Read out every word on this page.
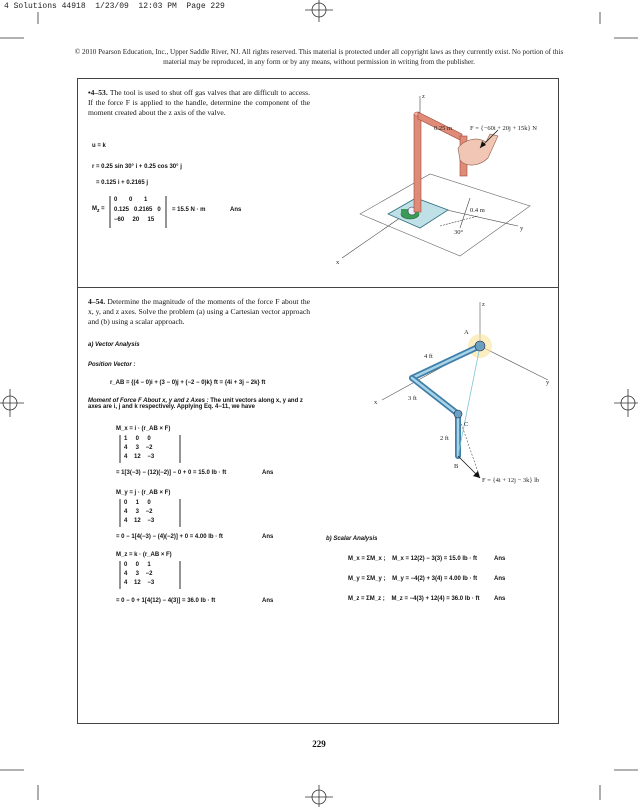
4 Solutions 44918  1/23/09  12:03 PM  Page 229
© 2010 Pearson Education, Inc., Upper Saddle River, NJ. All rights reserved. This material is protected under all copyright laws as they currently exist. No portion of this material may be reproduced, in any form or by any means, without permission in writing from the publisher.
•4–53. The tool is used to shut off gas valves that are difficult to access. If the force F is applied to the handle, determine the component of the moment created about the z axis of the valve.
u = k
r = 0.25 sin 30° i + 0.25 cos 30° j
= 0.125 i + 0.2165 j
$M_z$ =
0       0       1
0.125   0.2165   0
−60     20     15
= 15.5 N · m	Ans
z
x
y
0.25 m	F = {−60i + 20j + 15k} N
0.4 m
30°
4–54. Determine the magnitude of the moments of the force F about the x, y, and z axes. Solve the problem (a) using a Cartesian vector approach and (b) using a scalar approach.
a) Vector Analysis
Position Vector :
r_AB = {(4 − 0)i + (3 − 0)j + (−2 − 0)k} ft = {4i + 3j − 2k} ft
Moment of Force F About x, y and z Axes : The unit vectors along x, y and z axes are i, j and k respectively. Applying Eq. 4−11, we have
M_x = i · (r_AB × F)
1     0     0
4     3    −2
4    12    −3
= 1[3(−3) − (12)(−2)] − 0 + 0 = 15.0 lb · ft	Ans
M_y = j · (r_AB × F)
0     1     0
4     3    −2
4    12    −3
= 0 − 1[4(−3) − (4)(−2)] + 0 = 4.00 lb · ft	Ans
M_z = k · (r_AB × F)
0     0     1
4     3    −2
4    12    −3
= 0 − 0 + 1[4(12) − 4(3)] = 36.0 lb · ft	Ans
b) Scalar Analysis
M_x = ΣM_x ;    M_x = 12(2) − 3(3) = 15.0 lb · ft	Ans
M_y = ΣM_y ;    M_y = −4(2) + 3(4) = 4.00 lb · ft	Ans
M_z = ΣM_z ;    M_z = −4(3) + 12(4) = 36.0 lb · ft Ans
z
x
y
A
C
B
4 ft
3 ft
2 ft
F = {4i + 12j − 3k} lb
229
